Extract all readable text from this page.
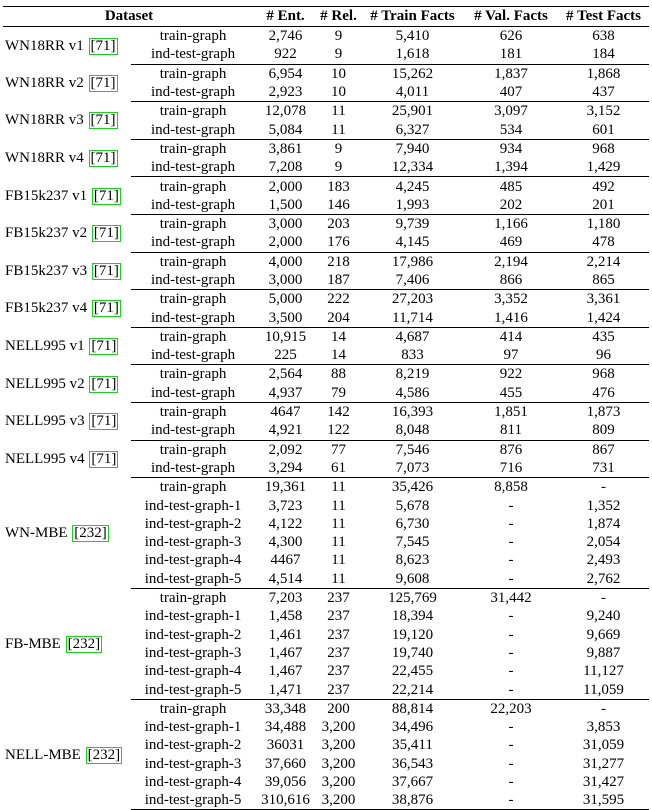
Dataset		# Ent.	# Rel.	# Train Facts	# Val. Facts	# Test Facts
WN18RR v1 [71]	train-graph	2,746	9	5,410	626	638
	ind-test-graph	922	9	1,618	181	184
WN18RR v2 [71]	train-graph	6,954	10	15,262	1,837	1,868
	ind-test-graph	2,923	10	4,011	407	437
WN18RR v3 [71]	train-graph	12,078	11	25,901	3,097	3,152
	ind-test-graph	5,084	11	6,327	534	601
WN18RR v4 [71]	train-graph	3,861	9	7,940	934	968
	ind-test-graph	7,208	9	12,334	1,394	1,429
FB15k237 v1 [71]	train-graph	2,000	183	4,245	485	492
	ind-test-graph	1,500	146	1,993	202	201
FB15k237 v2 [71]	train-graph	3,000	203	9,739	1,166	1,180
	ind-test-graph	2,000	176	4,145	469	478
FB15k237 v3 [71]	train-graph	4,000	218	17,986	2,194	2,214
	ind-test-graph	3,000	187	7,406	866	865
FB15k237 v4 [71]	train-graph	5,000	222	27,203	3,352	3,361
	ind-test-graph	3,500	204	11,714	1,416	1,424
NELL995 v1 [71]	train-graph	10,915	14	4,687	414	435
	ind-test-graph	225	14	833	97	96
NELL995 v2 [71]	train-graph	2,564	88	8,219	922	968
	ind-test-graph	4,937	79	4,586	455	476
NELL995 v3 [71]	train-graph	4647	142	16,393	1,851	1,873
	ind-test-graph	4,921	122	8,048	811	809
NELL995 v4 [71]	train-graph	2,092	77	7,546	876	867
	ind-test-graph	3,294	61	7,073	716	731
WN-MBE [232]	train-graph	19,361	11	35,426	8,858	-
	ind-test-graph-1	3,723	11	5,678	-	1,352
	ind-test-graph-2	4,122	11	6,730	-	1,874
	ind-test-graph-3	4,300	11	7,545	-	2,054
	ind-test-graph-4	4467	11	8,623	-	2,493
	ind-test-graph-5	4,514	11	9,608	-	2,762
FB-MBE [232]	train-graph	7,203	237	125,769	31,442	-
	ind-test-graph-1	1,458	237	18,394	-	9,240
	ind-test-graph-2	1,461	237	19,120	-	9,669
	ind-test-graph-3	1,467	237	19,740	-	9,887
	ind-test-graph-4	1,467	237	22,455	-	11,127
	ind-test-graph-5	1,471	237	22,214	-	11,059
NELL-MBE [232]	train-graph	33,348	200	88,814	22,203	-
	ind-test-graph-1	34,488	3,200	34,496	-	3,853
	ind-test-graph-2	36031	3,200	35,411	-	31,059
	ind-test-graph-3	37,660	3,200	36,543	-	31,277
	ind-test-graph-4	39,056	3,200	37,667	-	31,427
	ind-test-graph-5	310,616	3,200	38,876	-	31,595
